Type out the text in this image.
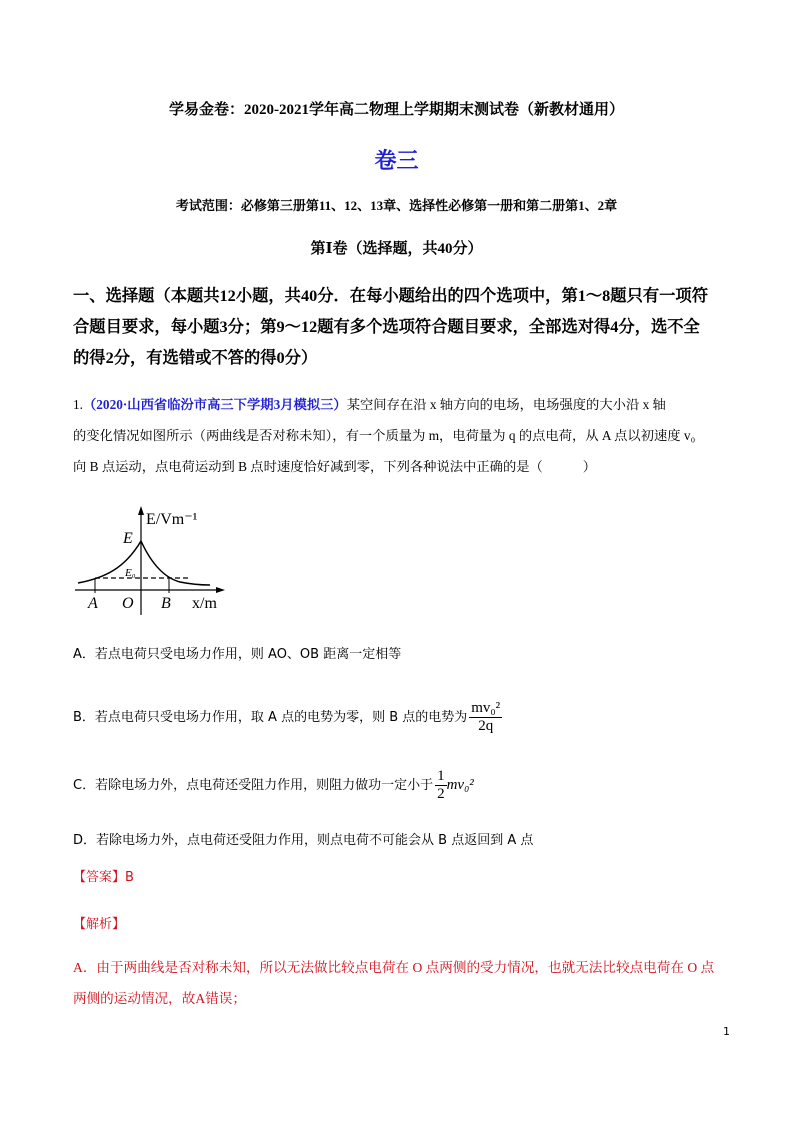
学易金卷：2020-2021学年高二物理上学期期末测试卷（新教材通用）
卷三
考试范围：必修第三册第11、12、13章、选择性必修第一册和第二册第1、2章
第Ⅰ卷（选择题，共40分）
一、选择题（本题共12小题，共40分．在每小题给出的四个选项中，第1～8题只有一项符
合题目要求，每小题3分；第9～12题有多个选项符合题目要求，全部选对得4分，选不全
的得2分，有选错或不答的得0分）
1.（2020·山西省临汾市高三下学期3月模拟三）某空间存在沿 x 轴方向的电场，电场强度的大小沿 x 轴
的变化情况如图所示（两曲线是否对称未知），有一个质量为 m，电荷量为 q 的点电荷，从 A 点以初速度 v₀
向 B 点运动，点电荷运动到 B 点时速度恰好减到零，下列各种说法中正确的是（　　　）
E/Vm⁻¹
E
E₀
A O B x/m
A．若点电荷只受电场力作用，则 AO、OB 距离一定相等
B．若点电荷只受电场力作用，取 A 点的电势为零，则 B 点的电势为 $\frac{\text{mv₀²}}{2q}$
C．若除电场力外，点电荷还受阻力作用，则阻力做功一定小于 $\frac{1}{2} mv_0^2$
D．若除电场力外，点电荷还受阻力作用，则点电荷不可能会从 B 点返回到 A 点
【答案】B
【解析】
A．由于两曲线是否对称未知，所以无法做比较点电荷在 O 点两侧的受力情况，也就无法比较点电荷在 O 点
两侧的运动情况，故A错误；
1
